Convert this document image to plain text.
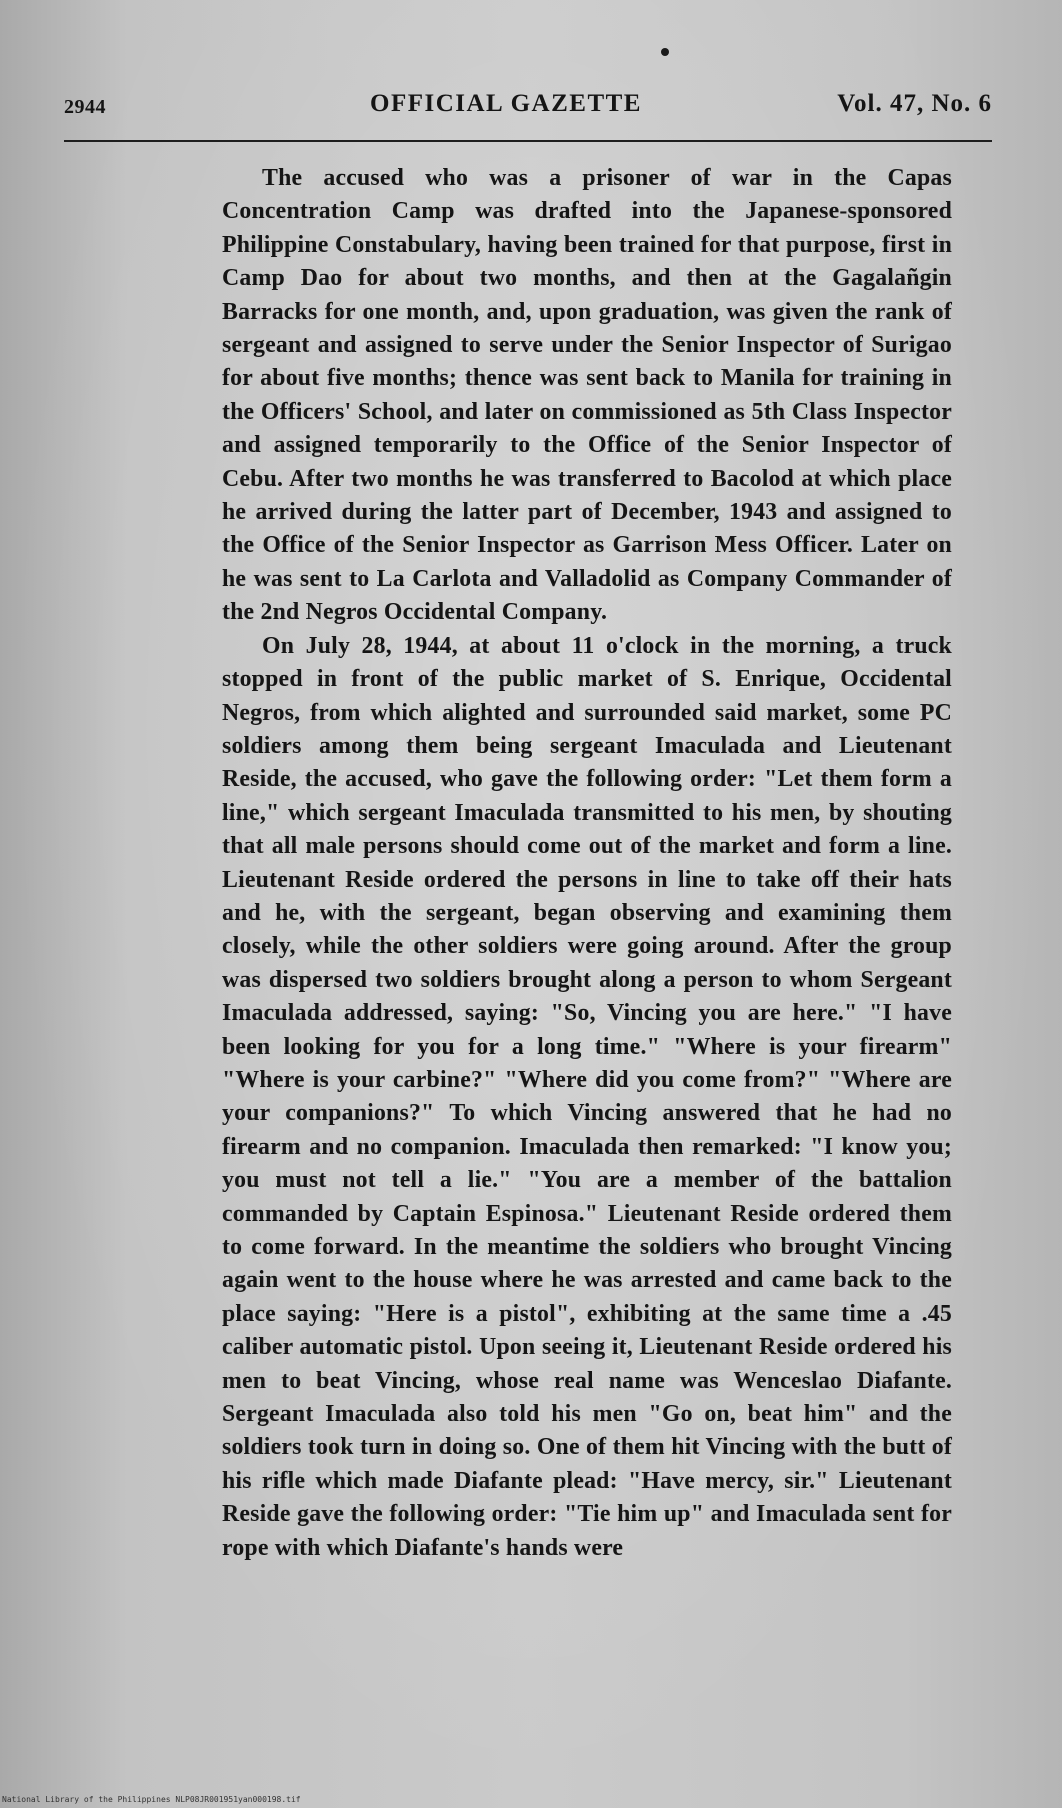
2944	OFFICIAL GAZETTE	Vol. 47, No. 6

The accused who was a prisoner of war in the Capas Concentration Camp was drafted into the Japanese-sponsored Philippine Constabulary, having been trained for that purpose, first in Camp Dao for about two months, and then at the Gagalañgin Barracks for one month, and, upon graduation, was given the rank of sergeant and assigned to serve under the Senior Inspector of Surigao for about five months; thence was sent back to Manila for training in the Officers' School, and later on commissioned as 5th Class Inspector and assigned temporarily to the Office of the Senior Inspector of Cebu. After two months he was transferred to Bacolod at which place he arrived during the latter part of December, 1943 and assigned to the Office of the Senior Inspector as Garrison Mess Officer. Later on he was sent to La Carlota and Valladolid as Company Commander of the 2nd Negros Occidental Company.

On July 28, 1944, at about 11 o'clock in the morning, a truck stopped in front of the public market of S. Enrique, Occidental Negros, from which alighted and surrounded said market, some PC soldiers among them being sergeant Imaculada and Lieutenant Reside, the accused, who gave the following order: "Let them form a line," which sergeant Imaculada transmitted to his men, by shouting that all male persons should come out of the market and form a line. Lieutenant Reside ordered the persons in line to take off their hats and he, with the sergeant, began observing and examining them closely, while the other soldiers were going around. After the group was dispersed two soldiers brought along a person to whom Sergeant Imaculada addressed, saying: "So, Vincing you are here." "I have been looking for you for a long time." "Where is your firearm" "Where is your carbine?" "Where did you come from?" "Where are your companions?" To which Vincing answered that he had no firearm and no companion. Imaculada then remarked: "I know you; you must not tell a lie." "You are a member of the battalion commanded by Captain Espinosa." Lieutenant Reside ordered them to come forward. In the meantime the soldiers who brought Vincing again went to the house where he was arrested and came back to the place saying: "Here is a pistol", exhibiting at the same time a .45 caliber automatic pistol. Upon seeing it, Lieutenant Reside ordered his men to beat Vincing, whose real name was Wenceslao Diafante. Sergeant Imaculada also told his men "Go on, beat him" and the soldiers took turn in doing so. One of them hit Vincing with the butt of his rifle which made Diafante plead: "Have mercy, sir." Lieutenant Reside gave the following order: "Tie him up" and Imaculada sent for rope with which Diafante's hands were

National Library of the Philippines NLP08JR001951yan000198.tif
